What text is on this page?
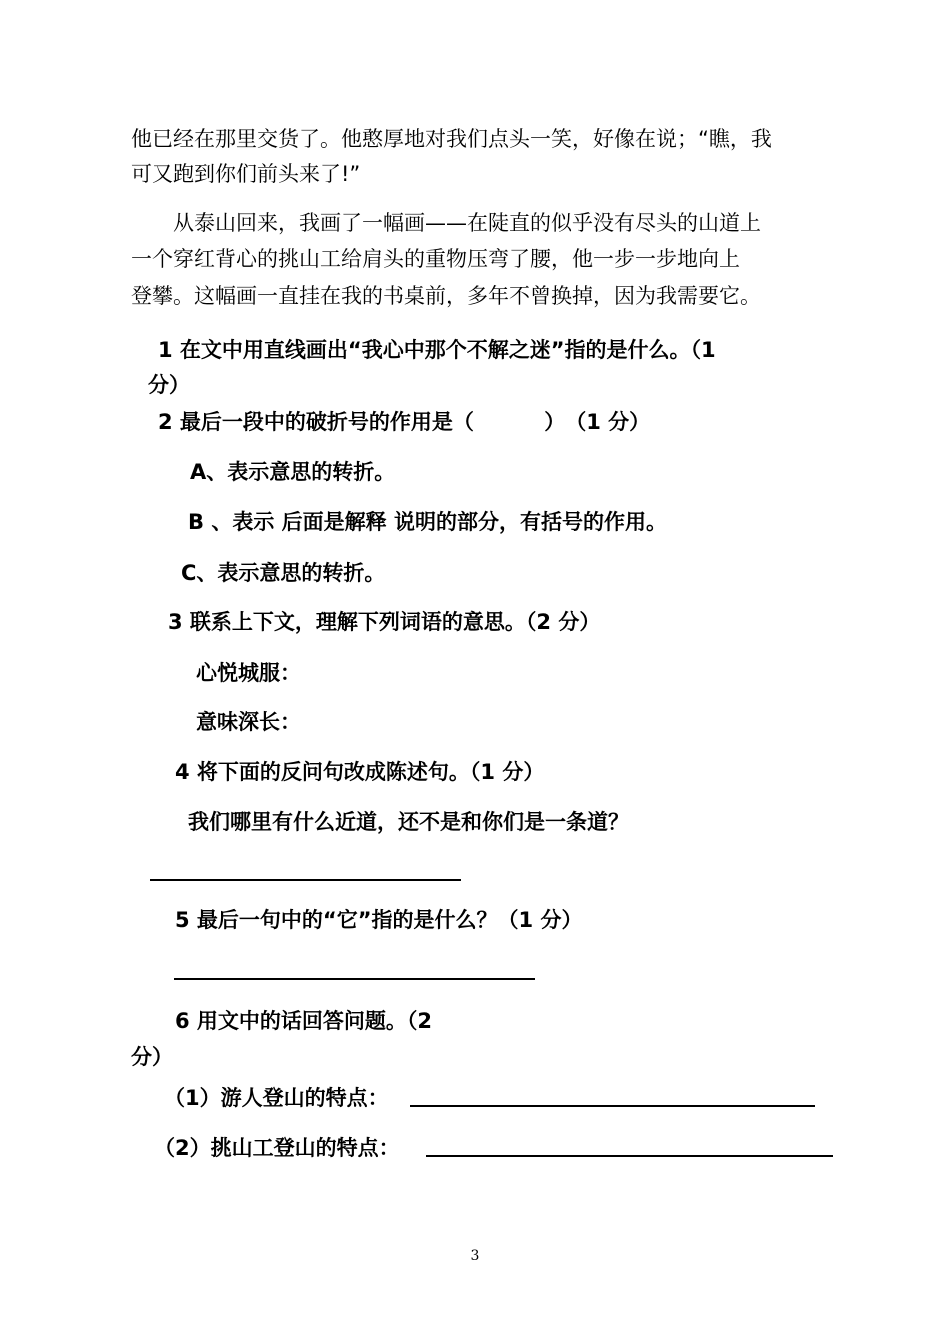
他已经在那里交货了。他憨厚地对我们点头一笑，好像在说；“瞧，我
可又跑到你们前头来了!”
从泰山回来，我画了一幅画——在陡直的似乎没有尽头的山道上
一个穿红背心的挑山工给肩头的重物压弯了腰，他一步一步地向上
登攀。这幅画一直挂在我的书桌前，多年不曾换掉，因为我需要它。
1 在文中用直线画出“我心中那个不解之迷”指的是什么。（1
分）
2 最后一段中的破折号的作用是（　　　 ）　（1 分）
A、表示意思的转折。
B 、表示 后面是解释 说明的部分，有括号的作用。
C、表示意思的转折。
3 联系上下文，理解下列词语的意思。（2 分）
心悦城服：
意味深长：
4 将下面的反问句改成陈述句。（1 分）
我们哪里有什么近道，还不是和你们是一条道？
5 最后一句中的“它”指的是什么？（1 分）
6 用文中的话回答问题。（2
分）
（1）游人登山的特点：
（2）挑山工登山的特点：
3
